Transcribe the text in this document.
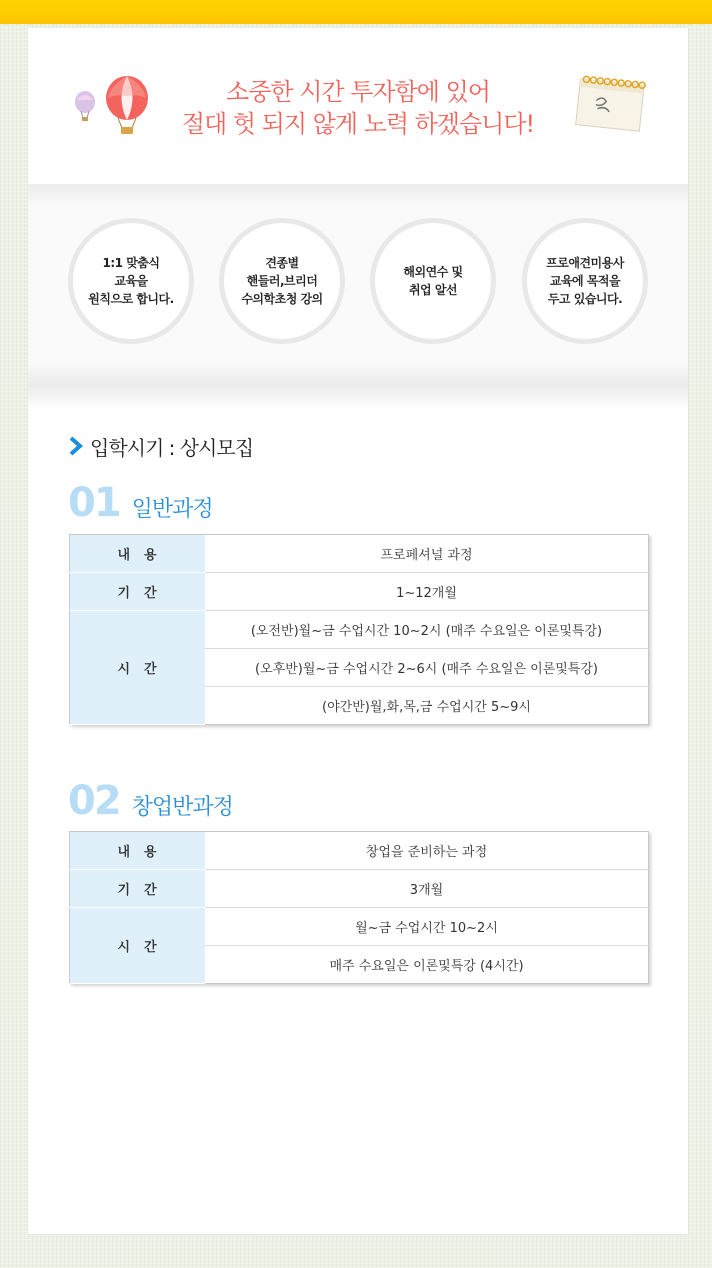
소중한 시간 투자함에 있어
절대 헛 되지 않게 노력 하겠습니다!
1:1 맞춤식
교육을
원칙으로 합니다.
견종별
핸들러,브리더
수의학초청 강의
해외연수 및
취업 알선
프로애견미용사
교육에 목적을
두고 있습니다.
입학시기 : 상시모집
01 일반과정
내용	프로페셔널 과정
기간	1~12개월
시간	(오전반)월~금 수업시간 10~2시 (매주 수요일은 이론및특강)
	(오후반)월~금 수업시간 2~6시 (매주 수요일은 이론및특강)
	(야간반)월,화,목,금 수업시간 5~9시
02 창업반과정
내용	창업을 준비하는 과정
기간	3개월
시간	월~금 수업시간 10~2시
	매주 수요일은 이론및특강 (4시간)
